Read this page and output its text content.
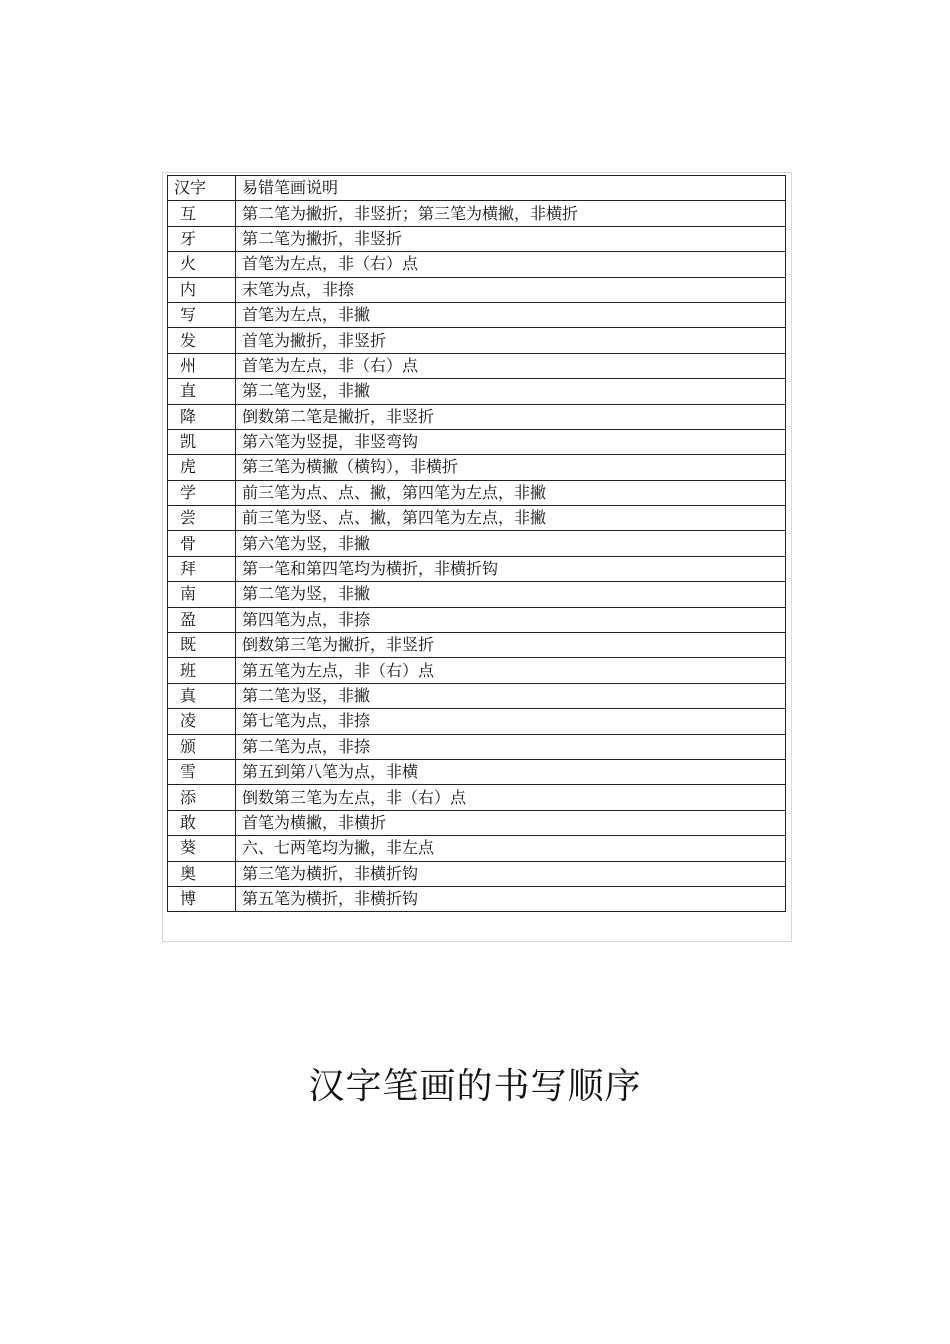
汉字	易错笔画说明
互	第二笔为撇折，非竖折；第三笔为横撇，非横折
牙	第二笔为撇折，非竖折
火	首笔为左点，非（右）点
内	末笔为点，非捺
写	首笔为左点，非撇
发	首笔为撇折，非竖折
州	首笔为左点，非（右）点
直	第二笔为竖，非撇
降	倒数第二笔是撇折，非竖折
凯	第六笔为竖提，非竖弯钩
虎	第三笔为横撇（横钩），非横折
学	前三笔为点、点、撇，第四笔为左点，非撇
尝	前三笔为竖、点、撇，第四笔为左点，非撇
骨	第六笔为竖，非撇
拜	第一笔和第四笔均为横折，非横折钩
南	第二笔为竖，非撇
盈	第四笔为点，非捺
既	倒数第三笔为撇折，非竖折
班	第五笔为左点，非（右）点
真	第二笔为竖，非撇
凌	第七笔为点，非捺
颁	第二笔为点，非捺
雪	第五到第八笔为点，非横
添	倒数第三笔为左点，非（右）点
敢	首笔为横撇，非横折
葵	六、七两笔均为撇，非左点
奥	第三笔为横折，非横折钩
博	第五笔为横折，非横折钩
汉字笔画的书写顺序
